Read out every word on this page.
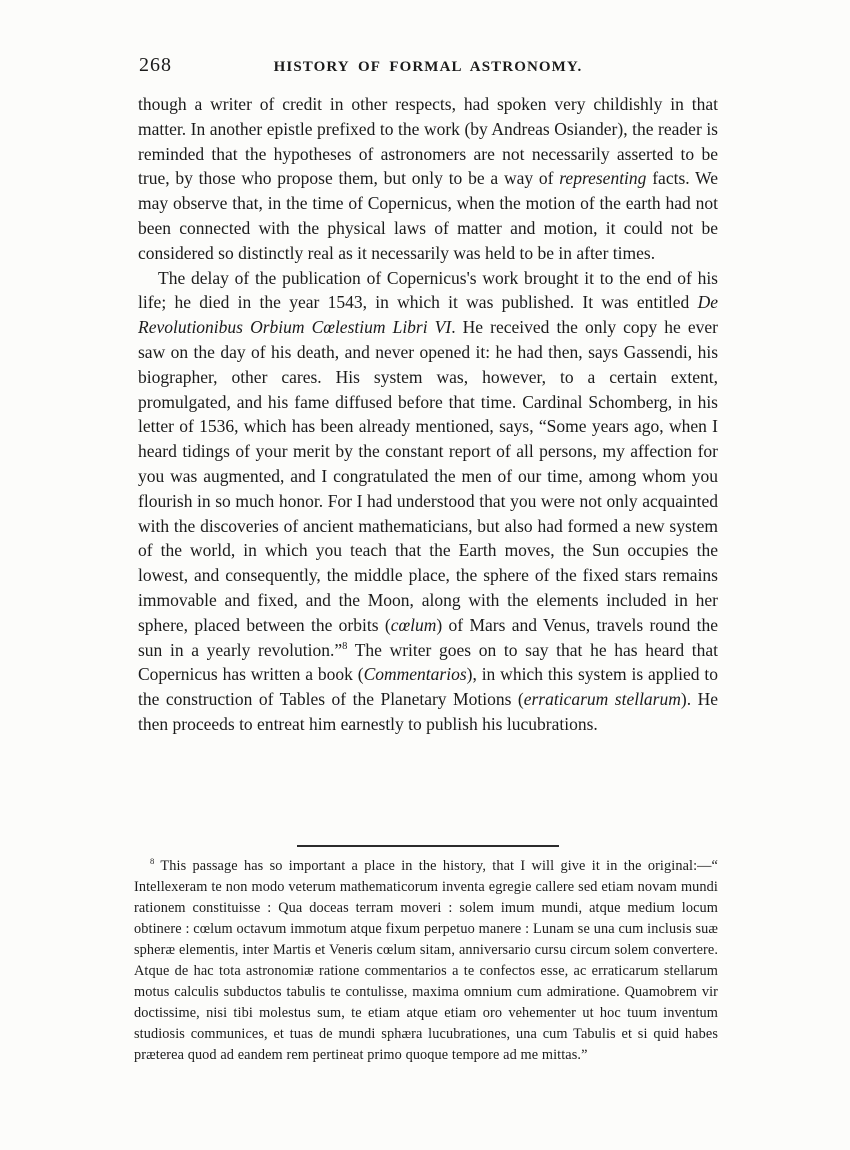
268	HISTORY OF FORMAL ASTRONOMY.
though a writer of credit in other respects, had spoken very childishly in that matter. In another epistle prefixed to the work (by Andreas Osiander), the reader is reminded that the hypotheses of astronomers are not necessarily asserted to be true, by those who propose them, but only to be a way of representing facts. We may observe that, in the time of Copernicus, when the motion of the earth had not been connected with the physical laws of matter and motion, it could not be considered so distinctly real as it necessarily was held to be in after times.
The delay of the publication of Copernicus's work brought it to the end of his life; he died in the year 1543, in which it was published. It was entitled De Revolutionibus Orbium Cœlestium Libri VI. He received the only copy he ever saw on the day of his death, and never opened it: he had then, says Gassendi, his biographer, other cares. His system was, however, to a certain extent, promulgated, and his fame diffused before that time. Cardinal Schomberg, in his letter of 1536, which has been already mentioned, says, “Some years ago, when I heard tidings of your merit by the constant report of all persons, my affection for you was augmented, and I congratulated the men of our time, among whom you flourish in so much honor. For I had understood that you were not only acquainted with the discoveries of ancient mathematicians, but also had formed a new system of the world, in which you teach that the Earth moves, the Sun occupies the lowest, and consequently, the middle place, the sphere of the fixed stars remains immovable and fixed, and the Moon, along with the elements included in her sphere, placed between the orbits (cœlum) of Mars and Venus, travels round the sun in a yearly revolution.”$^8$ The writer goes on to say that he has heard that Copernicus has written a book (Commentarios), in which this system is applied to the construction of Tables of the Planetary Motions (erraticarum stellarum). He then proceeds to entreat him earnestly to publish his lucubrations.
$^8$ This passage has so important a place in the history, that I will give it in the original:—“ Intellexeram te non modo veterum mathematicorum inventa egregie callere sed etiam novam mundi rationem constituisse : Qua doceas terram moveri : solem imum mundi, atque medium locum obtinere : cœlum octavum immotum atque fixum perpetuo manere : Lunam se una cum inclusis suæ spheræ elementis, inter Martis et Veneris cœlum sitam, anniversario cursu circum solem convertere. Atque de hac tota astronomiæ ratione commentarios a te confectos esse, ac erraticarum stellarum motus calculis subductos tabulis te contulisse, maxima omnium cum admiratione. Quamobrem vir doctissime, nisi tibi molestus sum, te etiam atque etiam oro vehementer ut hoc tuum inventum studiosis communices, et tuas de mundi sphæra lucubrationes, una cum Tabulis et si quid habes præterea quod ad eandem rem pertineat primo quoque tempore ad me mittas.”
